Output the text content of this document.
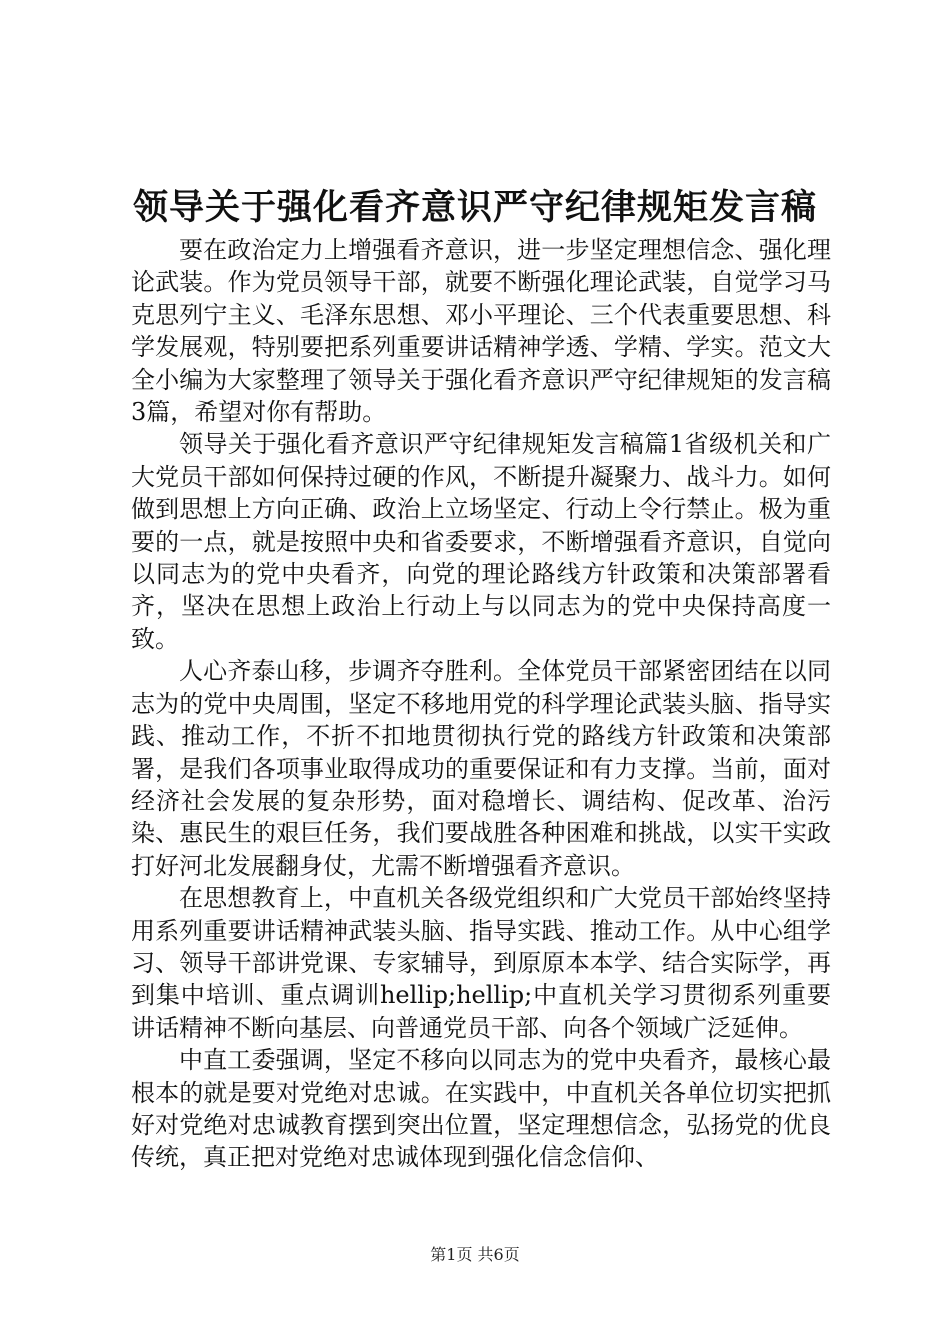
领导关于强化看齐意识严守纪律规矩发言稿

要在政治定力上增强看齐意识，进一步坚定理想信念、强化理论武装。作为党员领导干部，就要不断强化理论武装，自觉学习马克思列宁主义、毛泽东思想、邓小平理论、三个代表重要思想、科学发展观，特别要把系列重要讲话精神学透、学精、学实。范文大全小编为大家整理了领导关于强化看齐意识严守纪律规矩的发言稿3篇，希望对你有帮助。

领导关于强化看齐意识严守纪律规矩发言稿篇1省级机关和广大党员干部如何保持过硬的作风，不断提升凝聚力、战斗力。如何做到思想上方向正确、政治上立场坚定、行动上令行禁止。极为重要的一点，就是按照中央和省委要求，不断增强看齐意识，自觉向以同志为的党中央看齐，向党的理论路线方针政策和决策部署看齐，坚决在思想上政治上行动上与以同志为的党中央保持高度一致。

人心齐泰山移，步调齐夺胜利。全体党员干部紧密团结在以同志为的党中央周围，坚定不移地用党的科学理论武装头脑、指导实践、推动工作，不折不扣地贯彻执行党的路线方针政策和决策部署，是我们各项事业取得成功的重要保证和有力支撑。当前，面对经济社会发展的复杂形势，面对稳增长、调结构、促改革、治污染、惠民生的艰巨任务，我们要战胜各种困难和挑战，以实干实政打好河北发展翻身仗，尤需不断增强看齐意识。

在思想教育上，中直机关各级党组织和广大党员干部始终坚持用系列重要讲话精神武装头脑、指导实践、推动工作。从中心组学习、领导干部讲党课、专家辅导，到原原本本学、结合实际学，再到集中培训、重点调训hellip;hellip;中直机关学习贯彻系列重要讲话精神不断向基层、向普通党员干部、向各个领域广泛延伸。

中直工委强调，坚定不移向以同志为的党中央看齐，最核心最根本的就是要对党绝对忠诚。在实践中，中直机关各单位切实把抓好对党绝对忠诚教育摆到突出位置，坚定理想信念，弘扬党的优良传统，真正把对党绝对忠诚体现到强化信念信仰、

第1页 共6页
